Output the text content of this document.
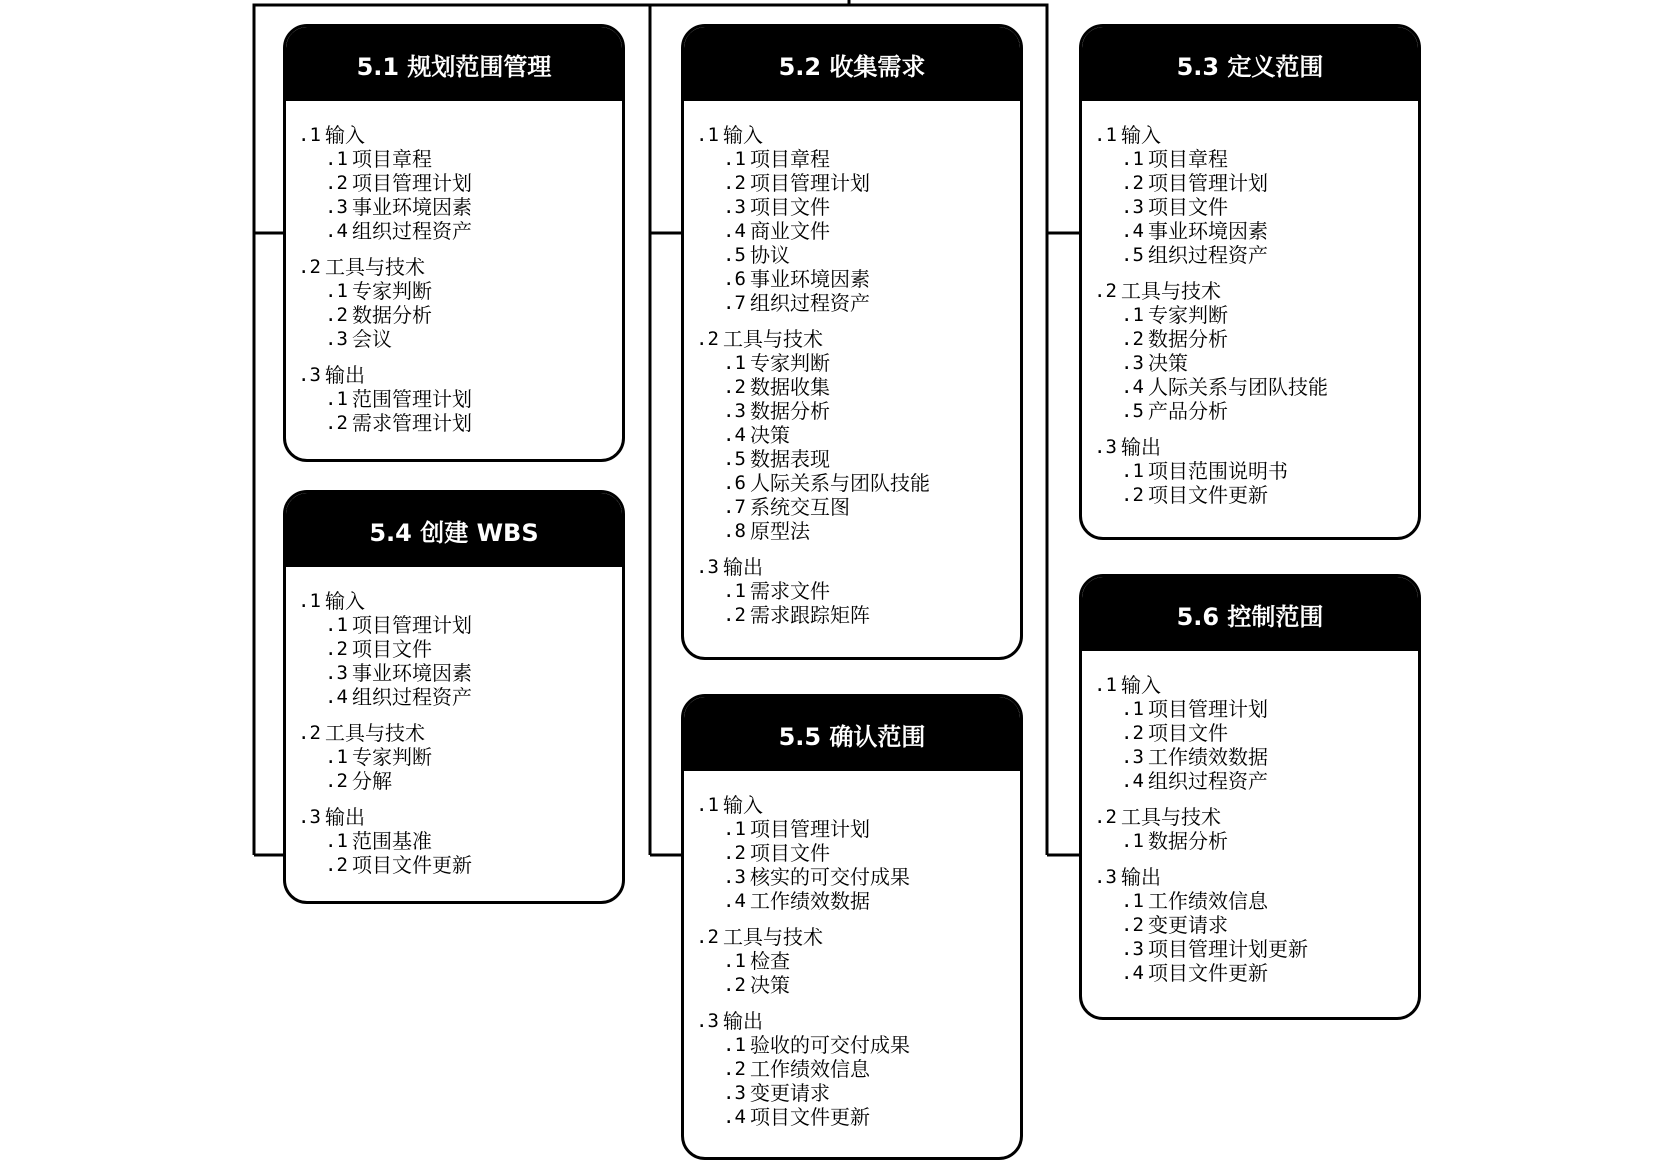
5.1 规划范围管理
.1 输入
.1 项目章程
.2 项目管理计划
.3 事业环境因素
.4 组织过程资产
.2 工具与技术
.1 专家判断
.2 数据分析
.3 会议
.3 输出
.1 范围管理计划
.2 需求管理计划
5.2 收集需求
.1 输入
.1 项目章程
.2 项目管理计划
.3 项目文件
.4 商业文件
.5 协议
.6 事业环境因素
.7 组织过程资产
.2 工具与技术
.1 专家判断
.2 数据收集
.3 数据分析
.4 决策
.5 数据表现
.6 人际关系与团队技能
.7 系统交互图
.8 原型法
.3 输出
.1 需求文件
.2 需求跟踪矩阵
5.3 定义范围
.1 输入
.1 项目章程
.2 项目管理计划
.3 项目文件
.4 事业环境因素
.5 组织过程资产
.2 工具与技术
.1 专家判断
.2 数据分析
.3 决策
.4 人际关系与团队技能
.5 产品分析
.3 输出
.1 项目范围说明书
.2 项目文件更新
5.4 创建 WBS
.1 输入
.1 项目管理计划
.2 项目文件
.3 事业环境因素
.4 组织过程资产
.2 工具与技术
.1 专家判断
.2 分解
.3 输出
.1 范围基准
.2 项目文件更新
5.5 确认范围
.1 输入
.1 项目管理计划
.2 项目文件
.3 核实的可交付成果
.4 工作绩效数据
.2 工具与技术
.1 检查
.2 决策
.3 输出
.1 验收的可交付成果
.2 工作绩效信息
.3 变更请求
.4 项目文件更新
5.6 控制范围
.1 输入
.1 项目管理计划
.2 项目文件
.3 工作绩效数据
.4 组织过程资产
.2 工具与技术
.1 数据分析
.3 输出
.1 工作绩效信息
.2 变更请求
.3 项目管理计划更新
.4 项目文件更新
